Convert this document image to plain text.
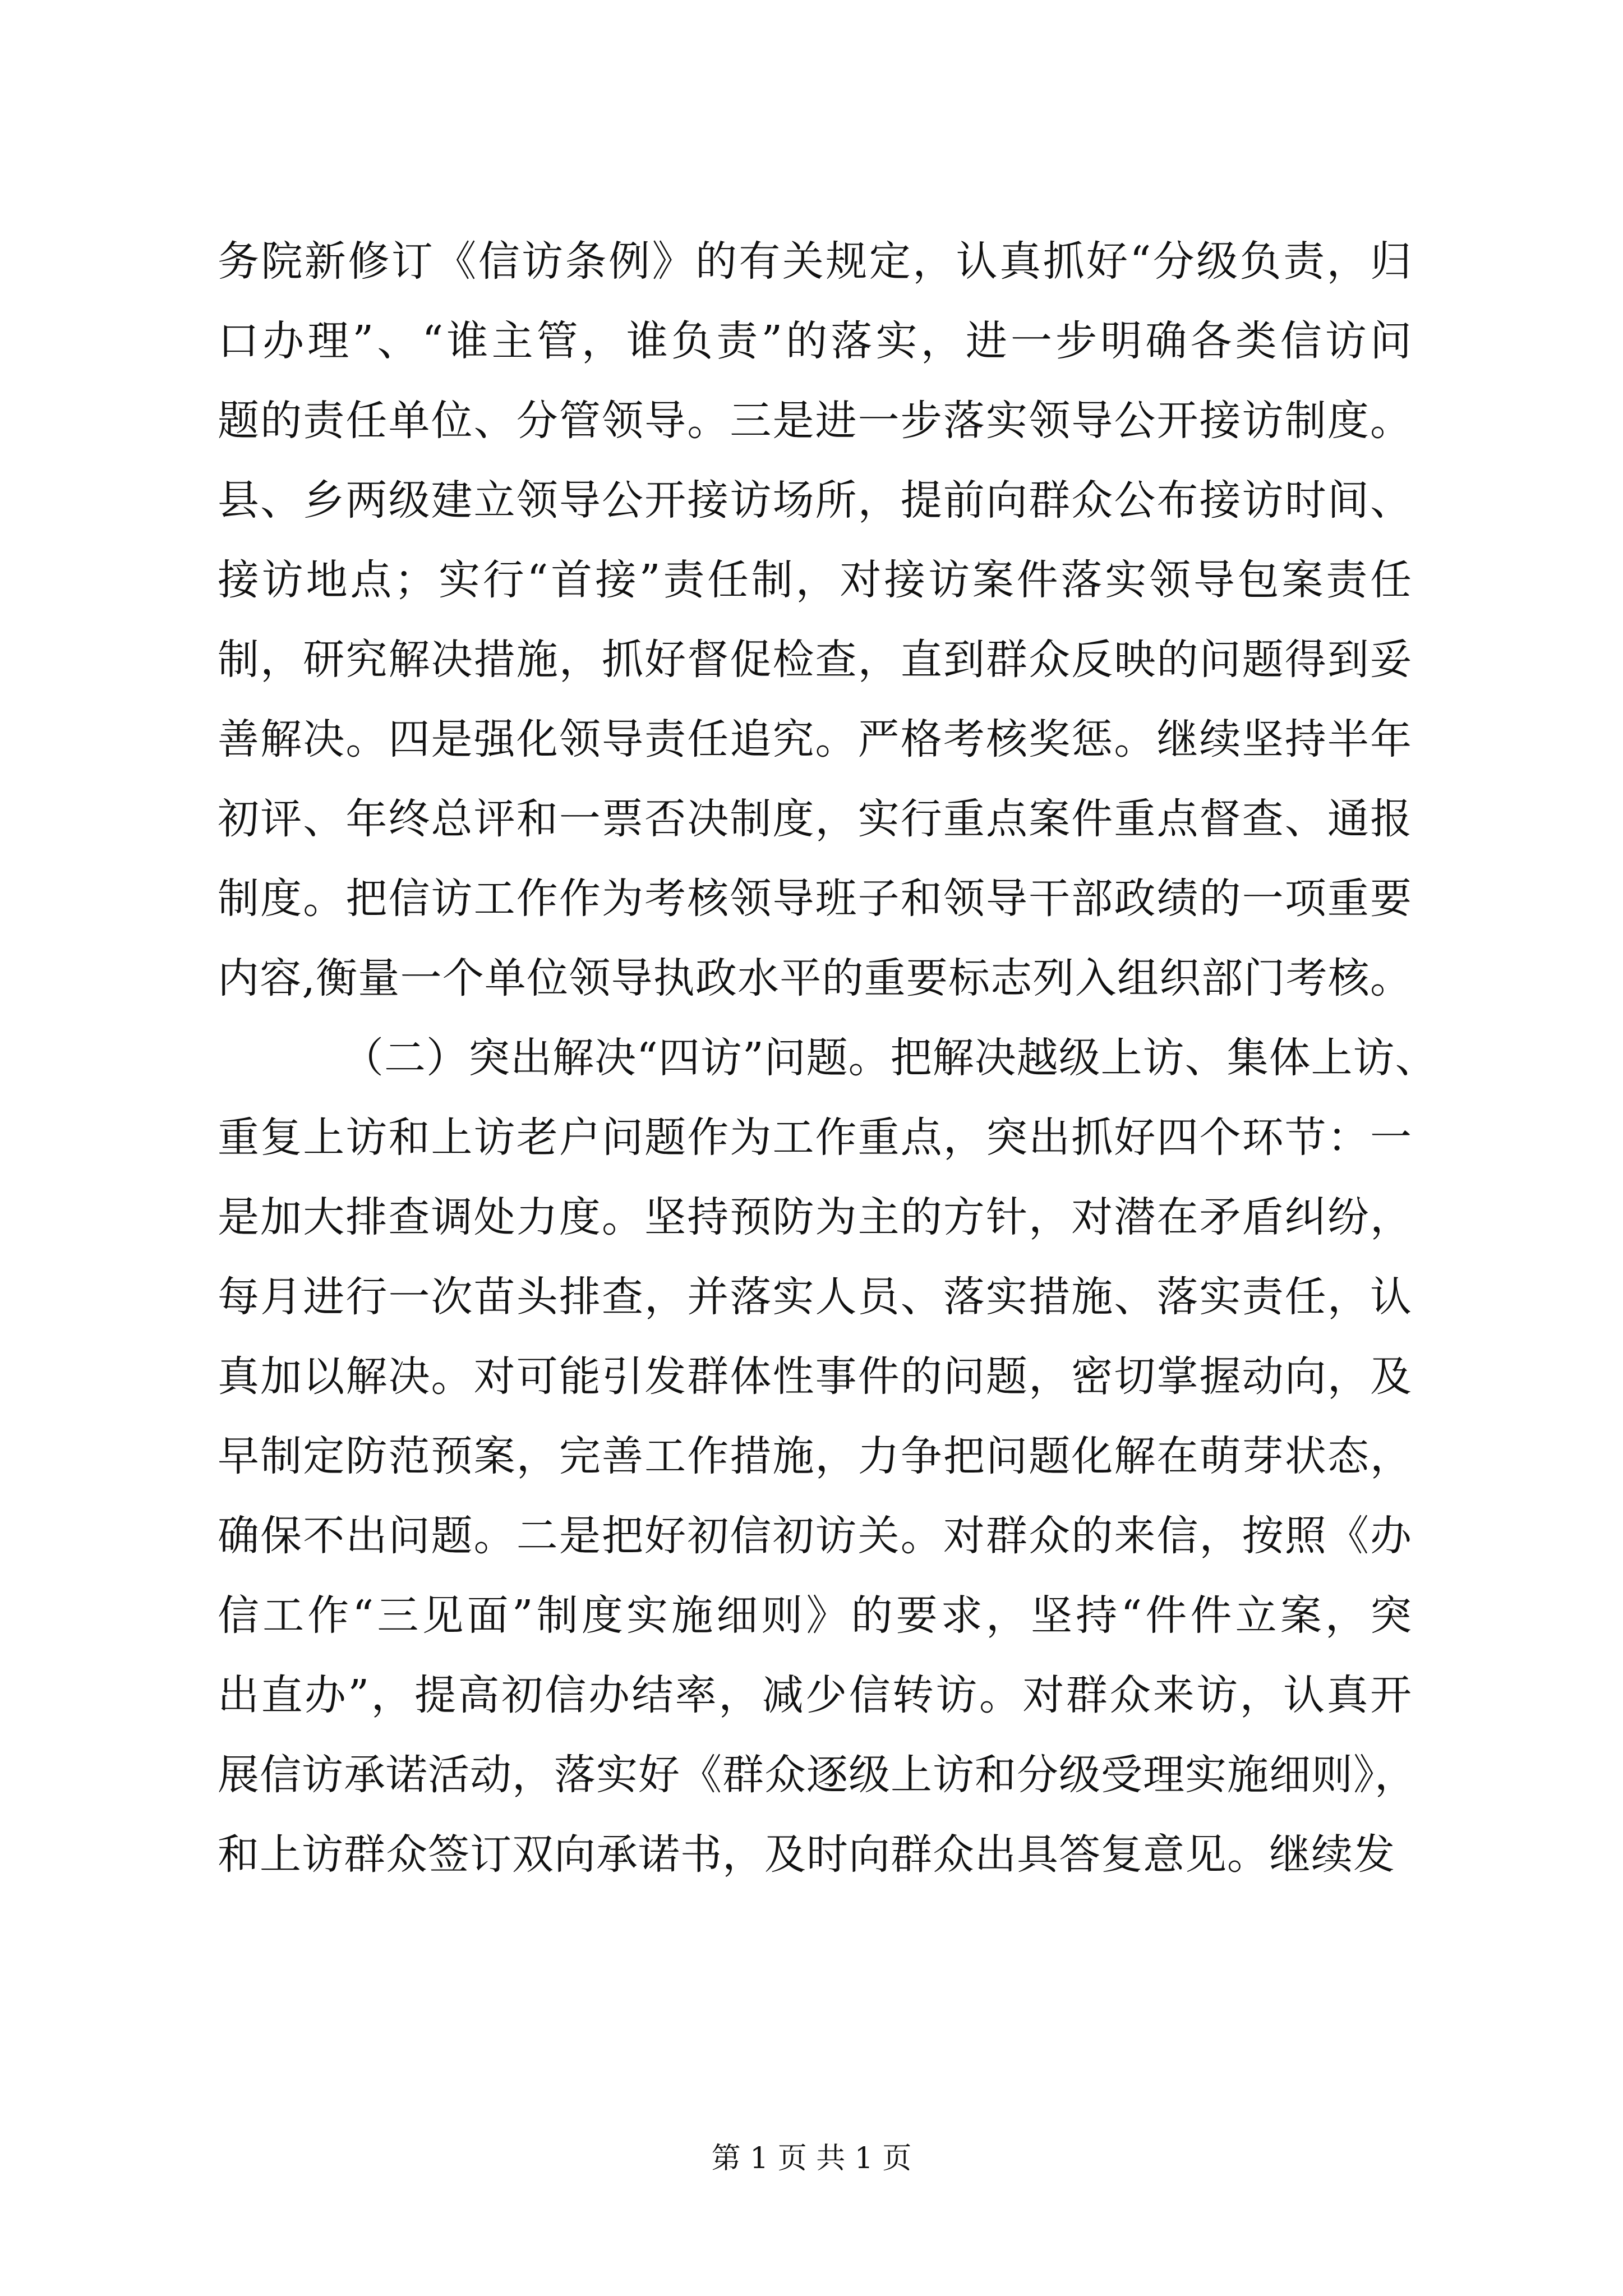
务院新修订《信访条例》的有关规定，认真抓好“分级负责，归
口办理”、“谁主管，谁负责”的落实，进一步明确各类信访问
题的责任单位、分管领导。三是进一步落实领导公开接访制度。
县、乡两级建立领导公开接访场所，提前向群众公布接访时间、
接访地点；实行“首接”责任制，对接访案件落实领导包案责任
制，研究解决措施，抓好督促检查，直到群众反映的问题得到妥
善解决。四是强化领导责任追究。严格考核奖惩。继续坚持半年
初评、年终总评和一票否决制度，实行重点案件重点督查、通报
制度。把信访工作作为考核领导班子和领导干部政绩的一项重要
内容,衡量一个单位领导执政水平的重要标志列入组织部门考核。
（二）突出解决“四访”问题。把解决越级上访、集体上访、
重复上访和上访老户问题作为工作重点，突出抓好四个环节：一
是加大排查调处力度。坚持预防为主的方针，对潜在矛盾纠纷，
每月进行一次苗头排查，并落实人员、落实措施、落实责任，认
真加以解决。对可能引发群体性事件的问题，密切掌握动向，及
早制定防范预案，完善工作措施，力争把问题化解在萌芽状态，
确保不出问题。二是把好初信初访关。对群众的来信，按照《办
信工作“三见面”制度实施细则》的要求，坚持“件件立案，突
出直办”，提高初信办结率，减少信转访。对群众来访，认真开
展信访承诺活动，落实好《群众逐级上访和分级受理实施细则》，
和上访群众签订双向承诺书，及时向群众出具答复意见。继续发
第 1 页 共 1 页
